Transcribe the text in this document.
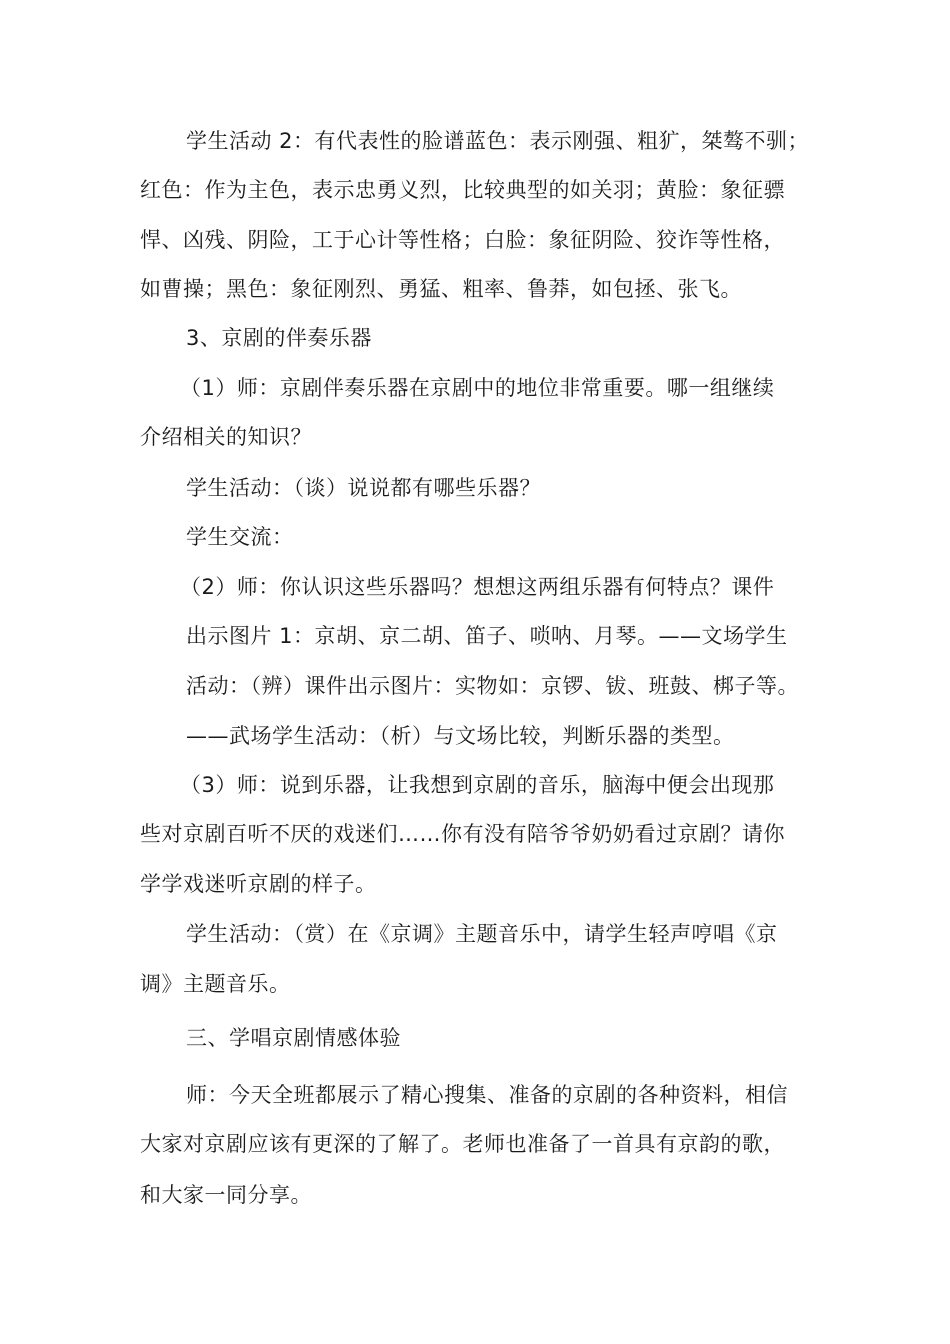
学生活动 2：有代表性的脸谱蓝色：表示刚强、粗犷，桀骜不驯；
红色：作为主色，表示忠勇义烈，比较典型的如关羽；黄脸：象征骠
悍、凶残、阴险，工于心计等性格；白脸：象征阴险、狡诈等性格，
如曹操；黑色：象征刚烈、勇猛、粗率、鲁莽，如包拯、张飞。
3、京剧的伴奏乐器
（1）师：京剧伴奏乐器在京剧中的地位非常重要。哪一组继续
介绍相关的知识？
学生活动：（谈）说说都有哪些乐器？
学生交流：
（2）师：你认识这些乐器吗？想想这两组乐器有何特点？课件
出示图片 1：京胡、京二胡、笛子、唢呐、月琴。——文场学生
活动：（辨）课件出示图片：实物如：京锣、钹、班鼓、梆子等。
——武场学生活动：（析）与文场比较，判断乐器的类型。
（3）师：说到乐器，让我想到京剧的音乐，脑海中便会出现那
些对京剧百听不厌的戏迷们……你有没有陪爷爷奶奶看过京剧？请你
学学戏迷听京剧的样子。
学生活动：（赏）在《京调》主题音乐中，请学生轻声哼唱《京
调》主题音乐。
三、学唱京剧情感体验
师：今天全班都展示了精心搜集、准备的京剧的各种资料，相信
大家对京剧应该有更深的了解了。老师也准备了一首具有京韵的歌，
和大家一同分享。
